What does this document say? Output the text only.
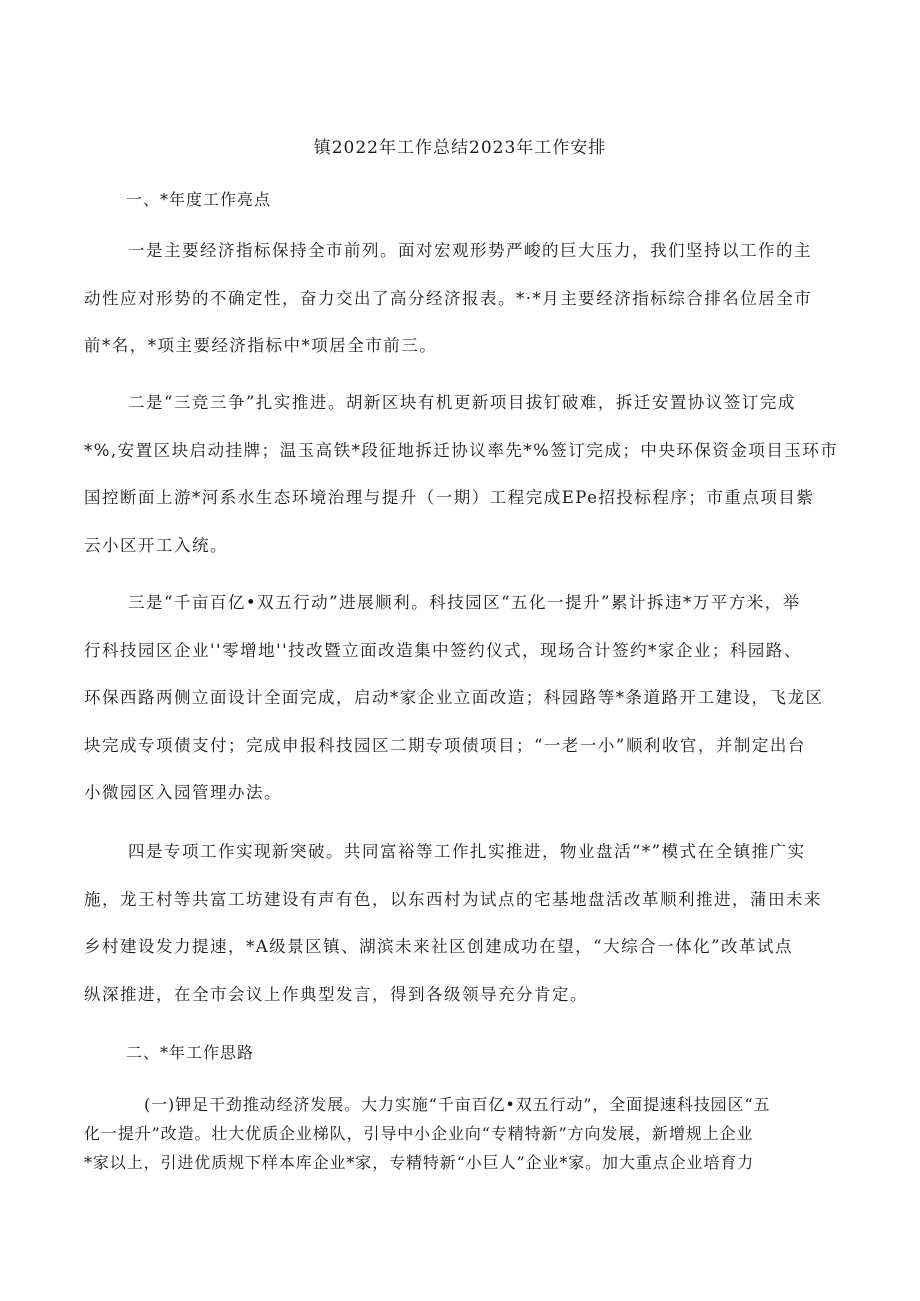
镇2022年工作总结2023年工作安排

一、*年度工作亮点

一是主要经济指标保持全市前列。面对宏观形势严峻的巨大压力，我们坚持以工作的主
动性应对形势的不确定性，奋力交出了高分经济报表。*·*月主要经济指标综合排名位居全市
前*名，*项主要经济指标中*项居全市前三。
二是“三竞三争”扎实推进。胡新区块有机更新项目拔钉破难，拆迁安置协议签订完成
*%,安置区块启动挂牌；温玉高铁*段征地拆迁协议率先*%签订完成；中央环保资金项目玉环市
国控断面上游*河系水生态环境治理与提升（一期）工程完成EPe招投标程序；市重点项目紫
云小区开工入统。
三是“千亩百亿•双五行动”进展顺利。科技园区“五化一提升”累计拆违*万平方米，举
行科技园区企业''零增地''技改暨立面改造集中签约仪式，现场合计签约*家企业；科园路、
环保西路两侧立面设计全面完成，启动*家企业立面改造；科园路等*条道路开工建设，飞龙区
块完成专项债支付；完成申报科技园区二期专项债项目；“一老一小”顺利收官，并制定出台
小微园区入园管理办法。
四是专项工作实现新突破。共同富裕等工作扎实推进，物业盘活“*”模式在全镇推广实
施，龙王村等共富工坊建设有声有色，以东西村为试点的宅基地盘活改革顺利推进，蒲田未来
乡村建设发力提速，*A级景区镇、湖滨未来社区创建成功在望，“大综合一体化”改革试点
纵深推进，在全市会议上作典型发言，得到各级领导充分肯定。

二、*年工作思路

(一)钾足干劲推动经济发展。大力实施“千亩百亿•双五行动”，全面提速科技园区“五
化一提升”改造。壮大优质企业梯队，引导中小企业向“专精特新”方向发展，新增规上企业
*家以上，引进优质规下样本库企业*家，专精特新“小巨人”企业*家。加大重点企业培育力
